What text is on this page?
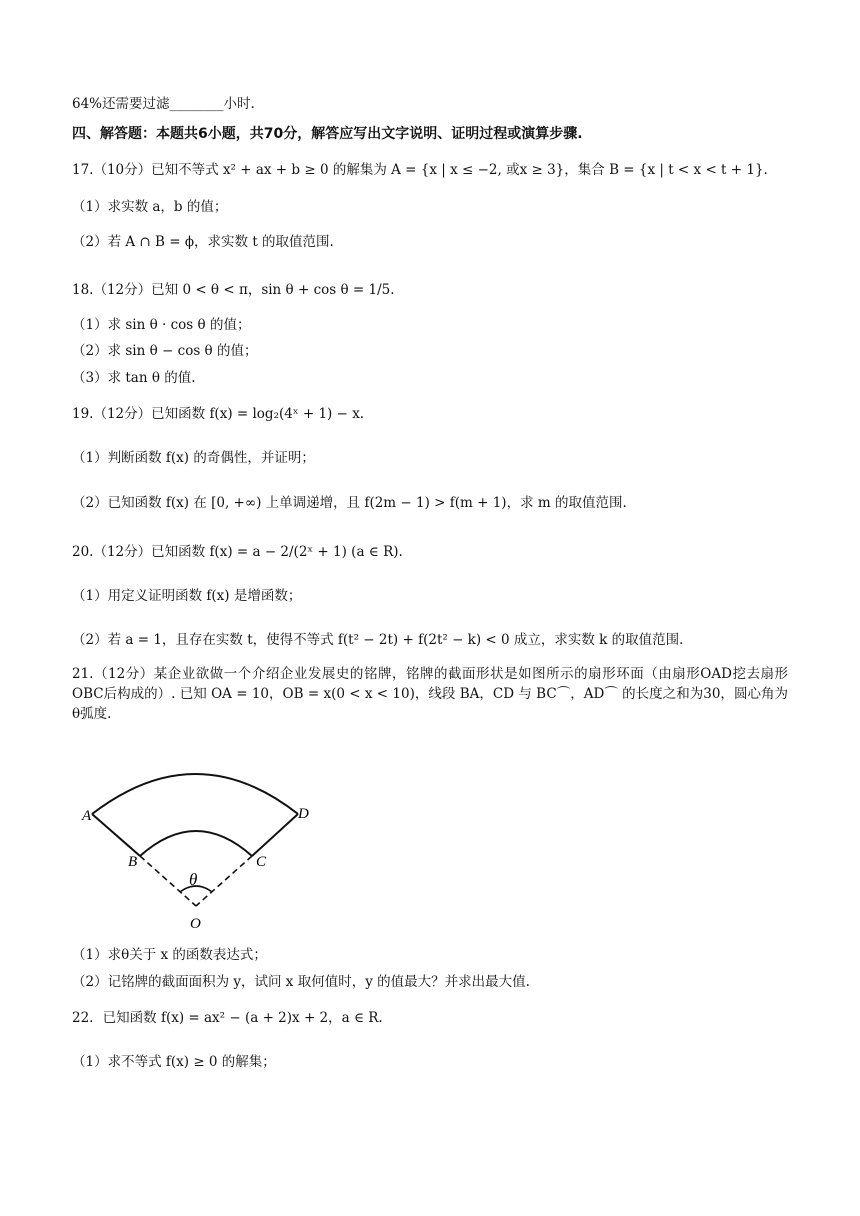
64%还需要过滤________小时.
四、解答题：本题共6小题，共70分，解答应写出文字说明、证明过程或演算步骤.
17.（10分）已知不等式 x² + ax + b ≥ 0 的解集为 A = {x | x ≤ −2, 或x ≥ 3}，集合 B = {x | t < x < t + 1}.
（1）求实数 a，b 的值；
（2）若 A ∩ B = ϕ，求实数 t 的取值范围.
18.（12分）已知 0 < θ < π，sin θ + cos θ = 1/5.
（1）求 sin θ · cos θ 的值；
（2）求 sin θ − cos θ 的值；
（3）求 tan θ 的值.
19.（12分）已知函数 f(x) = log₂(4ˣ + 1) − x.
（1）判断函数 f(x) 的奇偶性，并证明；
（2）已知函数 f(x) 在 [0, +∞) 上单调递增，且 f(2m − 1) > f(m + 1)，求 m 的取值范围.
20.（12分）已知函数 f(x) = a − 2/(2ˣ + 1) (a ∈ R).
（1）用定义证明函数 f(x) 是增函数；
（2）若 a = 1，且存在实数 t，使得不等式 f(t² − 2t) + f(2t² − k) < 0 成立，求实数 k 的取值范围.
21.（12分）某企业欲做一个介绍企业发展史的铭牌，铭牌的截面形状是如图所示的扇形环面（由扇形OAD挖去扇形OBC后构成的）. 已知 OA = 10，OB = x(0 < x < 10)，线段 BA，CD 与 BC⌒，AD⌒ 的长度之和为30，圆心角为θ弧度.
A	D
B	C
θ
O
（1）求θ关于 x 的函数表达式；
（2）记铭牌的截面面积为 y，试问 x 取何值时，y 的值最大？并求出最大值.
22．已知函数 f(x) = ax² − (a + 2)x + 2，a ∈ R.
（1）求不等式 f(x) ≥ 0 的解集；
